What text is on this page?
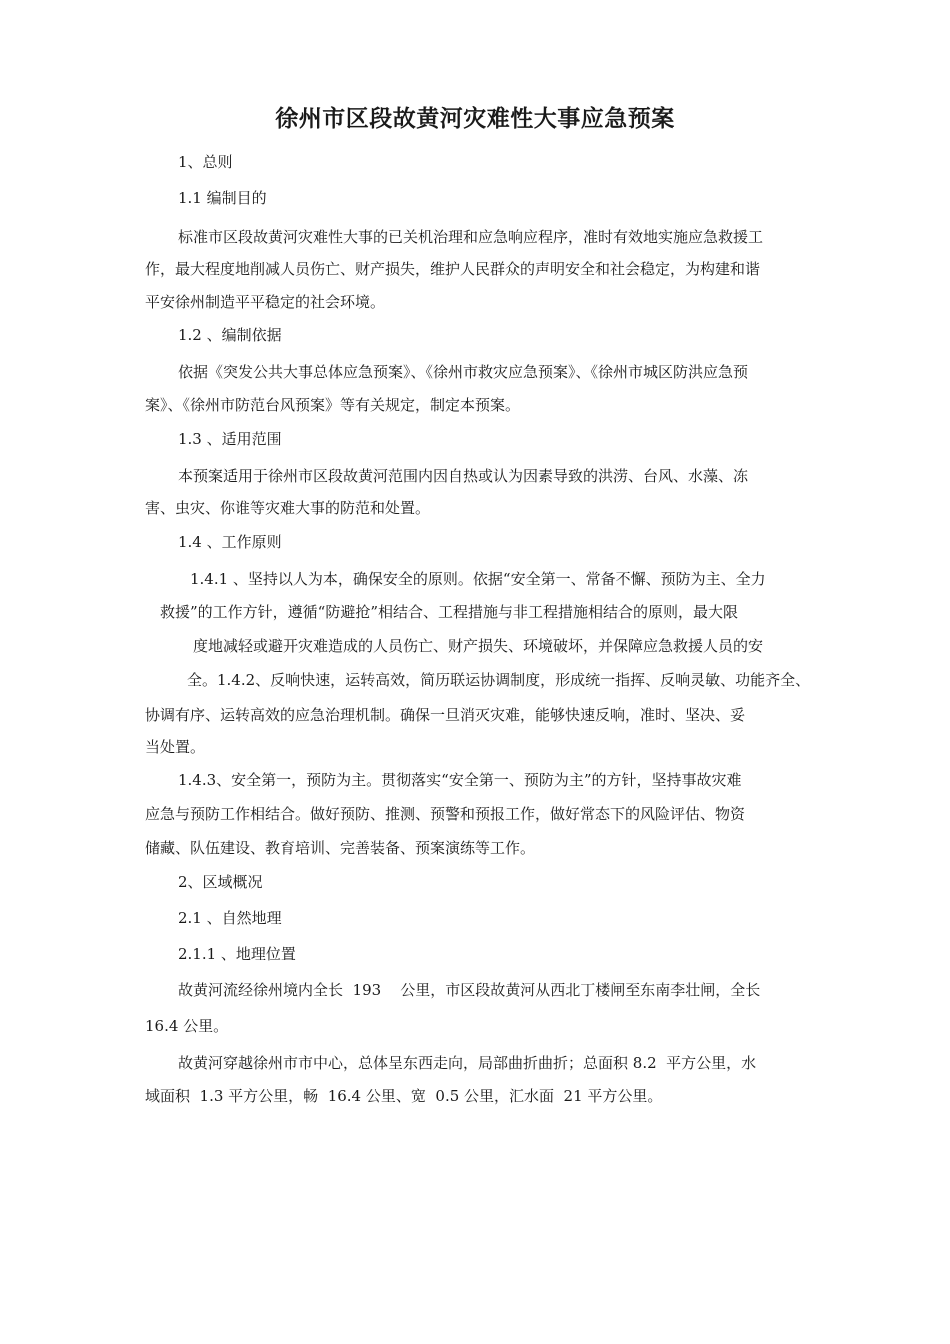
徐州市区段故黄河灾难性大事应急预案
1、总则
1.1 编制目的
标准市区段故黄河灾难性大事的已关机治理和应急响应程序，准时有效地实施应急救援工
作，最大程度地削减人员伤亡、财产损失，维护人民群众的声明安全和社会稳定，为构建和谐
平安徐州制造平平稳定的社会环境。
1.2 、编制依据
依据《突发公共大事总体应急预案》、《徐州市救灾应急预案》、《徐州市城区防洪应急预
案》、《徐州市防范台风预案》等有关规定，制定本预案。
1.3 、适用范围
本预案适用于徐州市区段故黄河范围内因自热或认为因素导致的洪涝、台风、水藻、冻
害、虫灾、你谁等灾难大事的防范和处置。
1.4 、工作原则
1.4.1 、坚持以人为本，确保安全的原则。依据“安全第一、常备不懈、预防为主、全力
救援”的工作方针，遵循“防避抢”相结合、工程措施与非工程措施相结合的原则，最大限
度地减轻或避开灾难造成的人员伤亡、财产损失、环境破坏，并保障应急救援人员的安
全。1.4.2、反响快速，运转高效，简历联运协调制度，形成统一指挥、反响灵敏、功能齐全、
协调有序、运转高效的应急治理机制。确保一旦消灭灾难，能够快速反响，准时、坚决、妥
当处置。
1.4.3、安全第一，预防为主。贯彻落实“安全第一、预防为主”的方针，坚持事故灾难
应急与预防工作相结合。做好预防、推测、预警和预报工作，做好常态下的风险评估、物资
储藏、队伍建设、教育培训、完善装备、预案演练等工作。
2、区域概况
2.1 、自然地理
2.1.1 、地理位置
故黄河流经徐州境内全长  193    公里，市区段故黄河从西北丁楼闸至东南李壮闸，全长
16.4 公里。
故黄河穿越徐州市市中心，总体呈东西走向，局部曲折曲折；总面积 8.2  平方公里，水
域面积  1.3 平方公里，畅  16.4 公里、宽  0.5 公里，汇水面  21 平方公里。
